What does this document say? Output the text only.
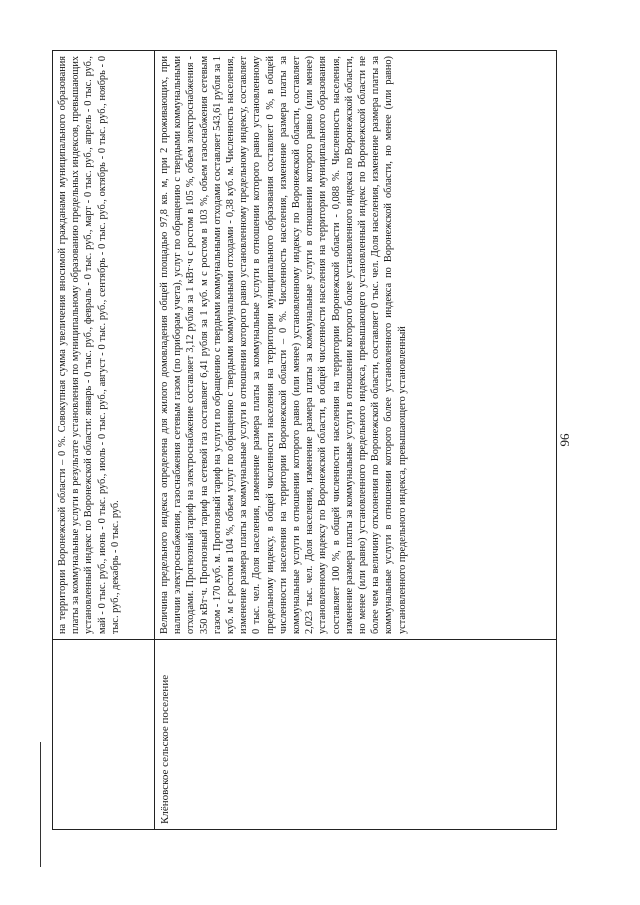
	на территории Воронежской области – 0 %. Совокупная сумма увеличения вносимой гражданами муниципального образования платы за коммунальные услуги в результате установления по муниципальному образованию предельных индексов, превышающих установленный индекс по Воронежской области: январь - 0 тыс. руб., февраль - 0 тыс. руб., март - 0 тыс. руб., апрель - 0 тыс. руб., май - 0 тыс. руб., июнь - 0 тыс. руб., июль - 0 тыс. руб., август - 0 тыс. руб., сентябрь - 0 тыс. руб., октябрь - 0 тыс. руб., ноябрь - 0 тыс. руб., декабрь - 0 тыс. руб.

Клёновское сельское поселение	Величина предельного индекса определена для жилого домовладения общей площадью 97,8 кв. м, при 2 проживающих, при наличии электроснабжения, газоснабжения сетевым газом (по приборам учета), услуг по обращению с твердыми коммунальными отходами. Прогнозный тариф на электроснабжение составляет 3,12 рубля за 1 кВт·ч с ростом в 105 %, объем электроснабжения - 350 кВт·ч. Прогнозный тариф на сетевой газ составляет 6,41 рубля за 1 куб. м с ростом в 103 %, объем газоснабжения сетевым газом - 170 куб. м. Прогнозный тариф на услуги по обращению с твердыми коммунальными отходами составляет 543,61 рубля за 1 куб. м с ростом в 104 %, объем услуг по обращению с твердыми коммунальными отходами - 0,38 куб. м. Численность населения, изменение размера платы за коммунальные услуги в отношении которого равно установленному предельному индексу, составляет 0 тыс. чел. Доля населения, изменение размера платы за коммунальные услуги в отношении которого равно установленному предельному индексу, в общей численности населения на территории муниципального образования составляет 0 %, в общей численности населения на территории Воронежской области – 0 %. Численность населения, изменение размера платы за коммунальные услуги в отношении которого равно (или менее) установленному индексу по Воронежской области, составляет 2,023 тыс. чел. Доля населения, изменение размера платы за коммунальные услуги в отношении которого равно (или менее) установленному индексу по Воронежской области, в общей численности населения на территории муниципального образования составляет 100 %, в общей численности населения на территории Воронежской области - 0,088 %. Численность населения, изменение размера платы за коммунальные услуги в отношении которого более установленного индекса по Воронежской области, но менее (или равно) установленного предельного индекса, превышающего установленный индекс по Воронежской области не более чем на величину отклонения по Воронежской области, составляет 0 тыс. чел. Доля населения, изменение размера платы за коммунальные услуги в отношении которого более установленного индекса по Воронежской области, но менее (или равно) установленного предельного индекса, превышающего установленный	96
